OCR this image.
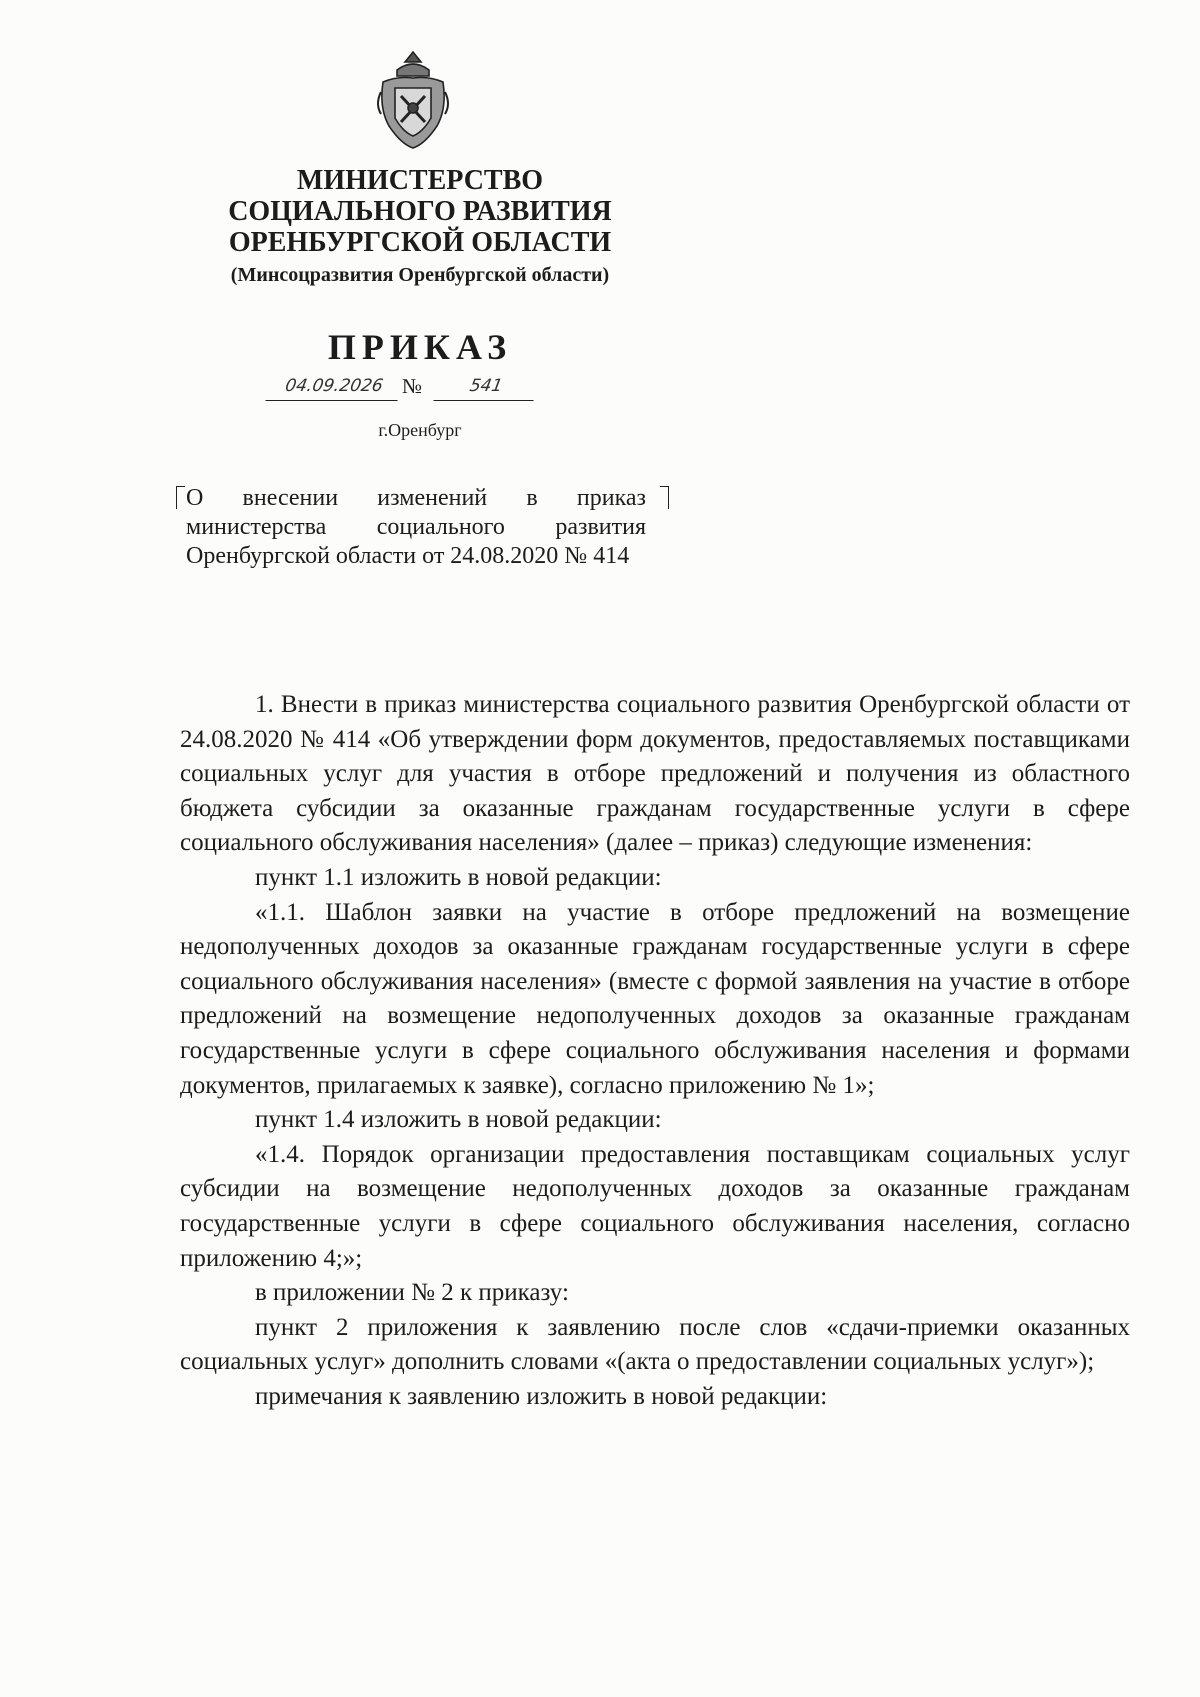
МИНИСТЕРСТВО
СОЦИАЛЬНОГО РАЗВИТИЯ
ОРЕНБУРГСКОЙ ОБЛАСТИ
(Минсоцразвития Оренбургской области)
ПРИКАЗ
04.09.2026 №	541
г.Оренбург
О внесении изменений в приказ министерства социального развития Оренбургской области от 24.08.2020 № 414

1. Внести в приказ министерства социального развития Оренбургской области от 24.08.2020 № 414 «Об утверждении форм документов, предоставляемых поставщиками социальных услуг для участия в отборе предложений и получения из областного бюджета субсидии за оказанные гражданам государственные услуги в сфере социального обслуживания населения» (далее – приказ) следующие изменения:

пункт 1.1 изложить в новой редакции:

«1.1. Шаблон заявки на участие в отборе предложений на возмещение недополученных доходов за оказанные гражданам государственные услуги в сфере социального обслуживания населения» (вместе с формой заявления на участие в отборе предложений на возмещение недополученных доходов за оказанные гражданам государственные услуги в сфере социального обслуживания населения и формами документов, прилагаемых к заявке), согласно приложению № 1»;

пункт 1.4 изложить в новой редакции:

«1.4. Порядок организации предоставления поставщикам социальных услуг субсидии на возмещение недополученных доходов за оказанные гражданам государственные услуги в сфере социального обслуживания населения, согласно приложению 4;»;

в приложении № 2 к приказу:

пункт 2 приложения к заявлению после слов «сдачи-приемки оказанных социальных услуг» дополнить словами «(акта о предоставлении социальных услуг»);

примечания к заявлению изложить в новой редакции:
